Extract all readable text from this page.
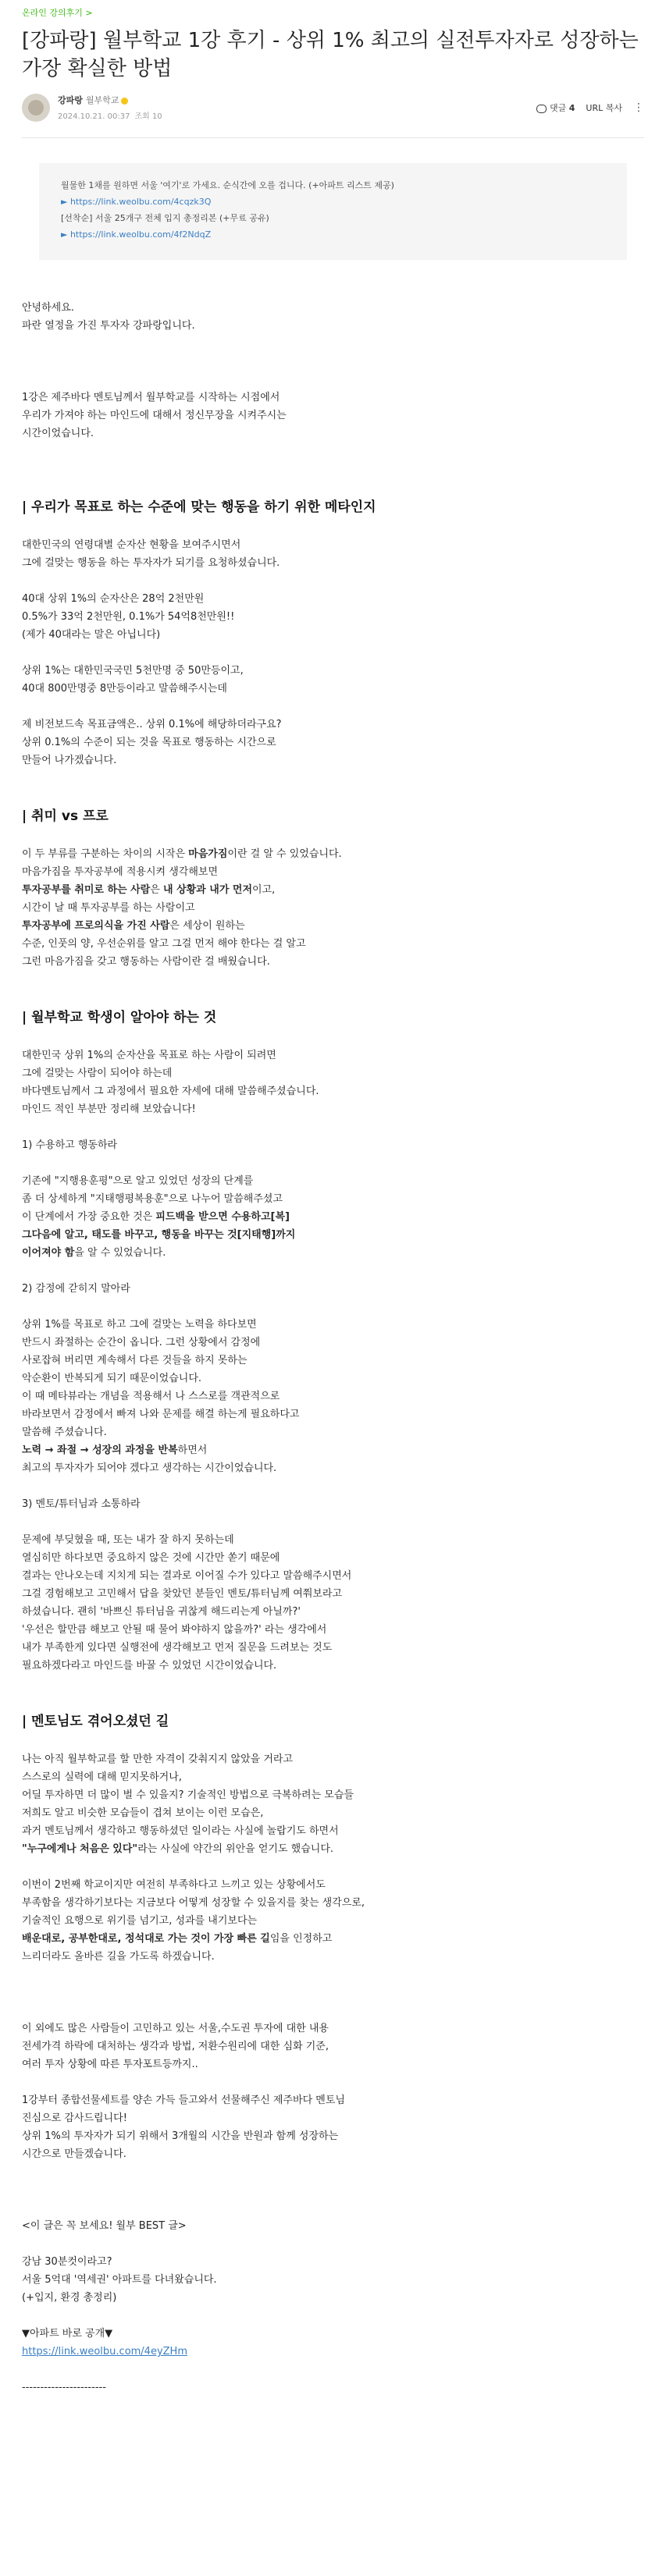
온라인 강의후기 >
[강파랑] 월부학교 1강 후기 - 상위 1% 최고의 실전투자자로 성장하는 가장 확실한 방법
강파랑 월부학교
2024.10.21. 00:37 조회 10
댓글 4 URL 복사 ⋮
월물한 1채를 원하면 서울 '여기'로 가세요. 순식간에 오를 겁니다. (+아파트 리스트 제공)
► https://link.weolbu.com/4cqzk3Q
[선착순] 서울 25개구 전체 입지 총정리본 (+무료 공유)
► https://link.weolbu.com/4f2NdqZ

안녕하세요.

파란 열정을 가진 투자자 강파랑입니다.

1강은 제주바다 멘토님께서 월부학교를 시작하는 시점에서

우리가 가져야 하는 마인드에 대해서 정신무장을 시켜주시는

시간이었습니다.

| 우리가 목표로 하는 수준에 맞는 행동을 하기 위한 메타인지

대한민국의 연령대별 순자산 현황을 보여주시면서

그에 걸맞는 행동을 하는 투자자가 되기를 요청하셨습니다.

40대 상위 1%의 순자산은 28억 2천만원

0.5%가 33억 2천만원, 0.1%가 54억8천만원!!

(제가 40대라는 말은 아닙니다)

상위 1%는 대한민국국민 5천만명 중 50만등이고,

40대 800만명중 8만등이라고 말씀해주시는데

제 비전보드속 목표금액은.. 상위 0.1%에 해당하더라구요?

상위 0.1%의 수준이 되는 것을 목표로 행동하는 시간으로

만들어 나가겠습니다.

| 취미 vs 프로

이 두 부류를 구분하는 차이의 시작은 마음가짐이란 걸 알 수 있었습니다.

마음가짐을 투자공부에 적용시켜 생각해보면

투자공부를 취미로 하는 사람은 내 상황과 내가 먼저이고,

시간이 날 때 투자공부를 하는 사람이고

투자공부에 프로의식을 가진 사람은 세상이 원하는

수준, 인풋의 양, 우선순위를 알고 그걸 먼저 해야 한다는 걸 알고

그런 마음가짐을 갖고 행동하는 사람이란 걸 배웠습니다.

| 월부학교 학생이 알아야 하는 것

대한민국 상위 1%의 순자산을 목표로 하는 사람이 되려면

그에 걸맞는 사람이 되어야 하는데

바다멘토님께서 그 과정에서 필요한 자세에 대해 말씀해주셨습니다.

마인드 적인 부분만 정리해 보았습니다!

1) 수용하고 행동하라

기존에 "지행용훈평"으로 알고 있었던 성장의 단계를

좀 더 상세하게 "지태행평복용훈"으로 나누어 말씀해주셨고

이 단계에서 가장 중요한 것은 피드백을 받으면 수용하고[복]

그다음에 알고, 태도를 바꾸고, 행동을 바꾸는 것[지태행]까지

이어져야 함을 알 수 있었습니다.

2) 감정에 갇히지 말아라

상위 1%를 목표로 하고 그에 걸맞는 노력을 하다보면

반드시 좌절하는 순간이 옵니다. 그런 상황에서 감정에

사로잡혀 버리면 계속해서 다른 것들을 하지 못하는

악순환이 반복되게 되기 때문이었습니다.

이 때 메타뷰라는 개념을 적용해서 나 스스로를 객관적으로

바라보면서 감정에서 빠져 나와 문제를 해결 하는게 필요하다고

말씀해 주셨습니다.

노력 → 좌절 → 성장의 과정을 반복하면서

최고의 투자자가 되어야 겠다고 생각하는 시간이었습니다.

3) 멘토/튜터님과 소통하라

문제에 부딪혔을 때, 또는 내가 잘 하지 못하는데

열심히만 하다보면 중요하지 않은 것에 시간만 쏟기 때문에

결과는 안나오는데 지치게 되는 결과로 이어질 수가 있다고 말씀해주시면서

그걸 경험해보고 고민해서 답을 찾았던 분들인 멘토/튜터님께 여쭤보라고

하셨습니다. 괜히 '바쁘신 튜터님을 귀찮게 해드리는게 아닐까?'

'우선은 할만큼 해보고 안될 때 물어 봐야하지 않을까?' 라는 생각에서

내가 부족한게 있다면 실행전에 생각해보고 먼저 질문을 드려보는 것도

필요하겠다라고 마인드를 바꿀 수 있었던 시간이었습니다.

| 멘토님도 겪어오셨던 길

나는 아직 월부학교를 할 만한 자격이 갖춰지지 않았을 거라고

스스로의 실력에 대해 믿지못하거나,

어딜 투자하면 더 많이 벌 수 있을지? 기술적인 방법으로 극복하려는 모습들

저희도 알고 비슷한 모습들이 겹쳐 보이는 이런 모습은,

과거 멘토님께서 생각하고 행동하셨던 일이라는 사실에 놀랍기도 하면서

"누구에게나 처음은 있다"라는 사실에 약간의 위안을 얻기도 했습니다.

이번이 2번째 학교이지만 여전히 부족하다고 느끼고 있는 상황에서도

부족함을 생각하기보다는 지금보다 어떻게 성장할 수 있을지를 찾는 생각으로,

기술적인 요행으로 위기를 넘기고, 성과를 내기보다는

배운대로, 공부한대로, 정석대로 가는 것이 가장 빠른 길임을 인정하고

느리더라도 올바른 길을 가도록 하겠습니다.

이 외에도 많은 사람들이 고민하고 있는 서울,수도권 투자에 대한 내용

전세가격 하락에 대처하는 생각과 방법, 저환수원리에 대한 심화 기준,

여러 투자 상황에 따른 투자포트등까지..

1강부터 종합선물세트를 양손 가득 들고와서 선물해주신 제주바다 멘토님

진심으로 감사드립니다!

상위 1%의 투자자가 되기 위해서 3개월의 시간을 반원과 함께 성장하는

시간으로 만들겠습니다.

<이 글은 꼭 보세요! 월부 BEST 글>

강남 30분컷이라고?

서울 5억대 '역세권' 아파트를 다녀왔습니다.

(+입지, 환경 총정리)

▼아파트 바로 공개▼

https://link.weolbu.com/4eyZHm

-----------------------
